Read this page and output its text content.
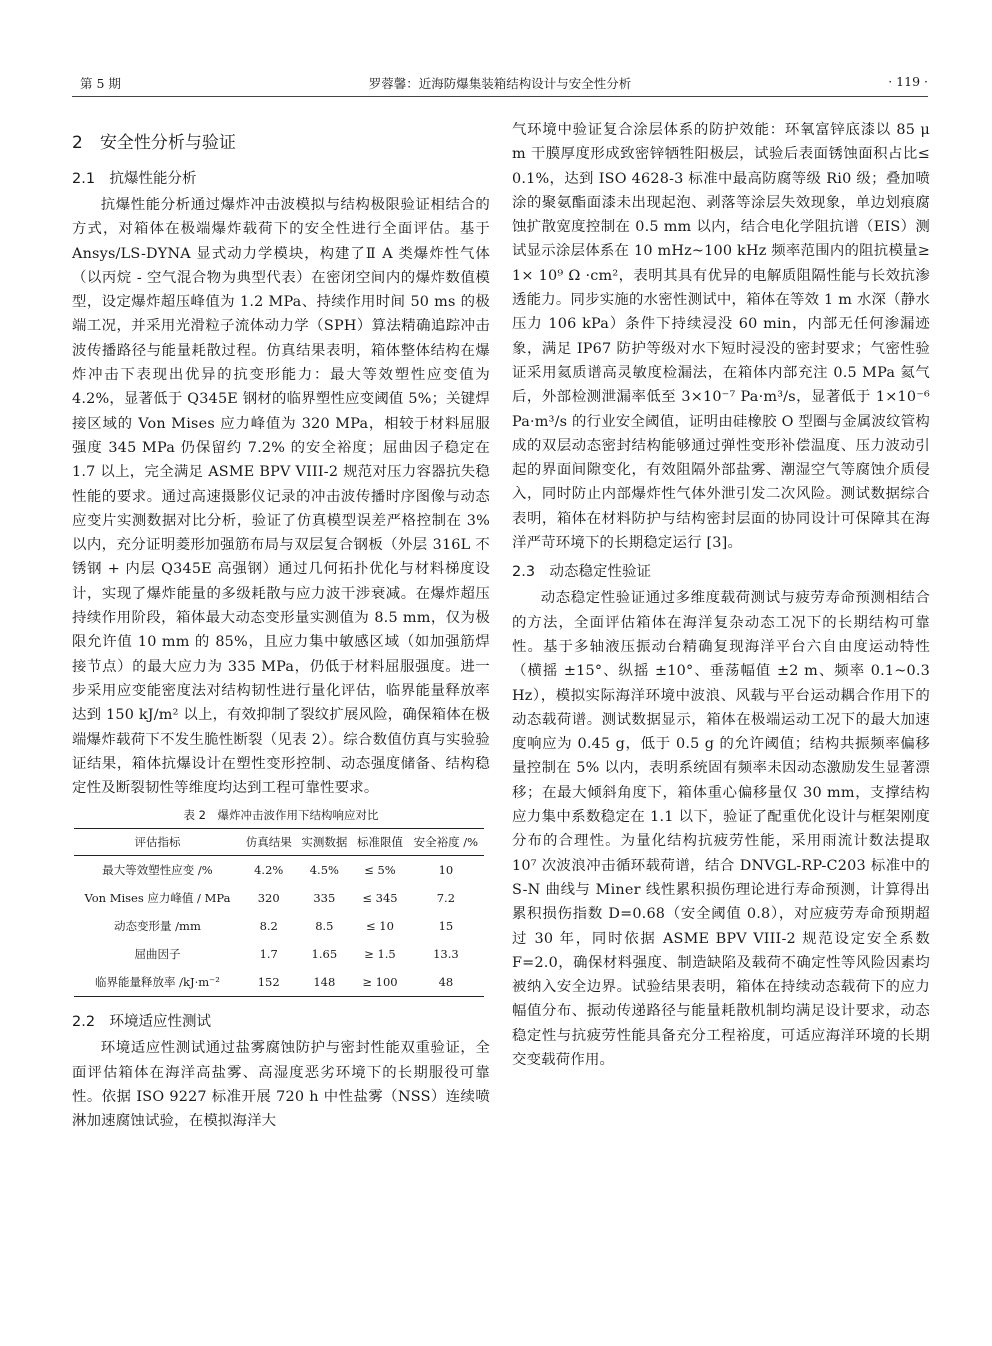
第 5 期	罗蓉馨：近海防爆集装箱结构设计与安全性分析	· 119 ·
2　安全性分析与验证
2.1　抗爆性能分析

抗爆性能分析通过爆炸冲击波模拟与结构极限验证相结合的方式，对箱体在极端爆炸载荷下的安全性进行全面评估。基于 Ansys/LS-DYNA 显式动力学模块，构建了Ⅱ A 类爆炸性气体（以丙烷 - 空气混合物为典型代表）在密闭空间内的爆炸数值模型，设定爆炸超压峰值为 1.2 MPa、持续作用时间 50 ms 的极端工况，并采用光滑粒子流体动力学（SPH）算法精确追踪冲击波传播路径与能量耗散过程。仿真结果表明，箱体整体结构在爆炸冲击下表现出优异的抗变形能力：最大等效塑性应变值为 4.2%，显著低于 Q345E 钢材的临界塑性应变阈值 5%；关键焊接区域的 Von Mises 应力峰值为 320 MPa，相较于材料屈服强度 345 MPa 仍保留约 7.2% 的安全裕度；屈曲因子稳定在 1.7 以上，完全满足 ASME BPV VIII-2 规范对压力容器抗失稳性能的要求。通过高速摄影仪记录的冲击波传播时序图像与动态应变片实测数据对比分析，验证了仿真模型误差严格控制在 3% 以内，充分证明菱形加强筋布局与双层复合钢板（外层 316L 不锈钢 + 内层 Q345E 高强钢）通过几何拓扑优化与材料梯度设计，实现了爆炸能量的多级耗散与应力波干涉衰减。在爆炸超压持续作用阶段，箱体最大动态变形量实测值为 8.5 mm，仅为极限允许值 10 mm 的 85%，且应力集中敏感区域（如加强筋焊接节点）的最大应力为 335 MPa，仍低于材料屈服强度。进一步采用应变能密度法对结构韧性进行量化评估，临界能量释放率达到 150 kJ/m² 以上，有效抑制了裂纹扩展风险，确保箱体在极端爆炸载荷下不发生脆性断裂（见表 2）。综合数值仿真与实验验证结果，箱体抗爆设计在塑性变形控制、动态强度储备、结构稳定性及断裂韧性等维度均达到工程可靠性要求。

表 2　爆炸冲击波作用下结构响应对比
评估指标	仿真结果	实测数据	标准限值	安全裕度 /%
最大等效塑性应变 /%	4.2%	4.5%	≤ 5%	10
Von Mises 应力峰值 / MPa	320	335	≤ 345	7.2
动态变形量 /mm	8.2	8.5	≤ 10	15
屈曲因子	1.7	1.65	≥ 1.5	13.3
临界能量释放率 /kJ·m⁻²	152	148	≥ 100	48
2.2　环境适应性测试

环境适应性测试通过盐雾腐蚀防护与密封性能双重验证，全面评估箱体在海洋高盐雾、高湿度恶劣环境下的长期服役可靠性。依据 ISO 9227 标准开展 720 h 中性盐雾（NSS）连续喷淋加速腐蚀试验，在模拟海洋大

气环境中验证复合涂层体系的防护效能：环氧富锌底漆以 85 μ m 干膜厚度形成致密锌牺牲阳极层，试验后表面锈蚀面积占比≤ 0.1%，达到 ISO 4628-3 标准中最高防腐等级 Ri0 级；叠加喷涂的聚氨酯面漆未出现起泡、剥落等涂层失效现象，单边划痕腐蚀扩散宽度控制在 0.5 mm 以内，结合电化学阻抗谱（EIS）测试显示涂层体系在 10 mHz~100 kHz 频率范围内的阻抗模量≥ 1× 10⁹ Ω ·cm²，表明其具有优异的电解质阻隔性能与长效抗渗透能力。同步实施的水密性测试中，箱体在等效 1 m 水深（静水压力 106 kPa）条件下持续浸没 60 min，内部无任何渗漏迹象，满足 IP67 防护等级对水下短时浸没的密封要求；气密性验证采用氦质谱高灵敏度检漏法，在箱体内部充注 0.5 MPa 氦气后，外部检测泄漏率低至 3×10⁻⁷ Pa·m³/s，显著低于 1×10⁻⁶ Pa·m³/s 的行业安全阈值，证明由硅橡胶 O 型圈与金属波纹管构成的双层动态密封结构能够通过弹性变形补偿温度、压力波动引起的界面间隙变化，有效阻隔外部盐雾、潮湿空气等腐蚀介质侵入，同时防止内部爆炸性气体外泄引发二次风险。测试数据综合表明，箱体在材料防护与结构密封层面的协同设计可保障其在海洋严苛环境下的长期稳定运行 [3]。

2.3　动态稳定性验证

动态稳定性验证通过多维度载荷测试与疲劳寿命预测相结合的方法，全面评估箱体在海洋复杂动态工况下的长期结构可靠性。基于多轴液压振动台精确复现海洋平台六自由度运动特性（横摇 ±15°、纵摇 ±10°、垂荡幅值 ±2 m、频率 0.1~0.3 Hz），模拟实际海洋环境中波浪、风载与平台运动耦合作用下的动态载荷谱。测试数据显示，箱体在极端运动工况下的最大加速度响应为 0.45 g，低于 0.5 g 的允许阈值；结构共振频率偏移量控制在 5% 以内，表明系统固有频率未因动态激励发生显著漂移；在最大倾斜角度下，箱体重心偏移量仅 30 mm，支撑结构应力集中系数稳定在 1.1 以下，验证了配重优化设计与框架刚度分布的合理性。为量化结构抗疲劳性能，采用雨流计数法提取 10⁷ 次波浪冲击循环载荷谱，结合 DNVGL-RP-C203 标准中的 S-N 曲线与 Miner 线性累积损伤理论进行寿命预测，计算得出累积损伤指数 D=0.68（安全阈值 0.8），对应疲劳寿命预期超过 30 年，同时依据 ASME BPV VIII-2 规范设定安全系数 F=2.0，确保材料强度、制造缺陷及载荷不确定性等风险因素均被纳入安全边界。试验结果表明，箱体在持续动态载荷下的应力幅值分布、振动传递路径与能量耗散机制均满足设计要求，动态稳定性与抗疲劳性能具备充分工程裕度，可适应海洋环境的长期交变载荷作用。
